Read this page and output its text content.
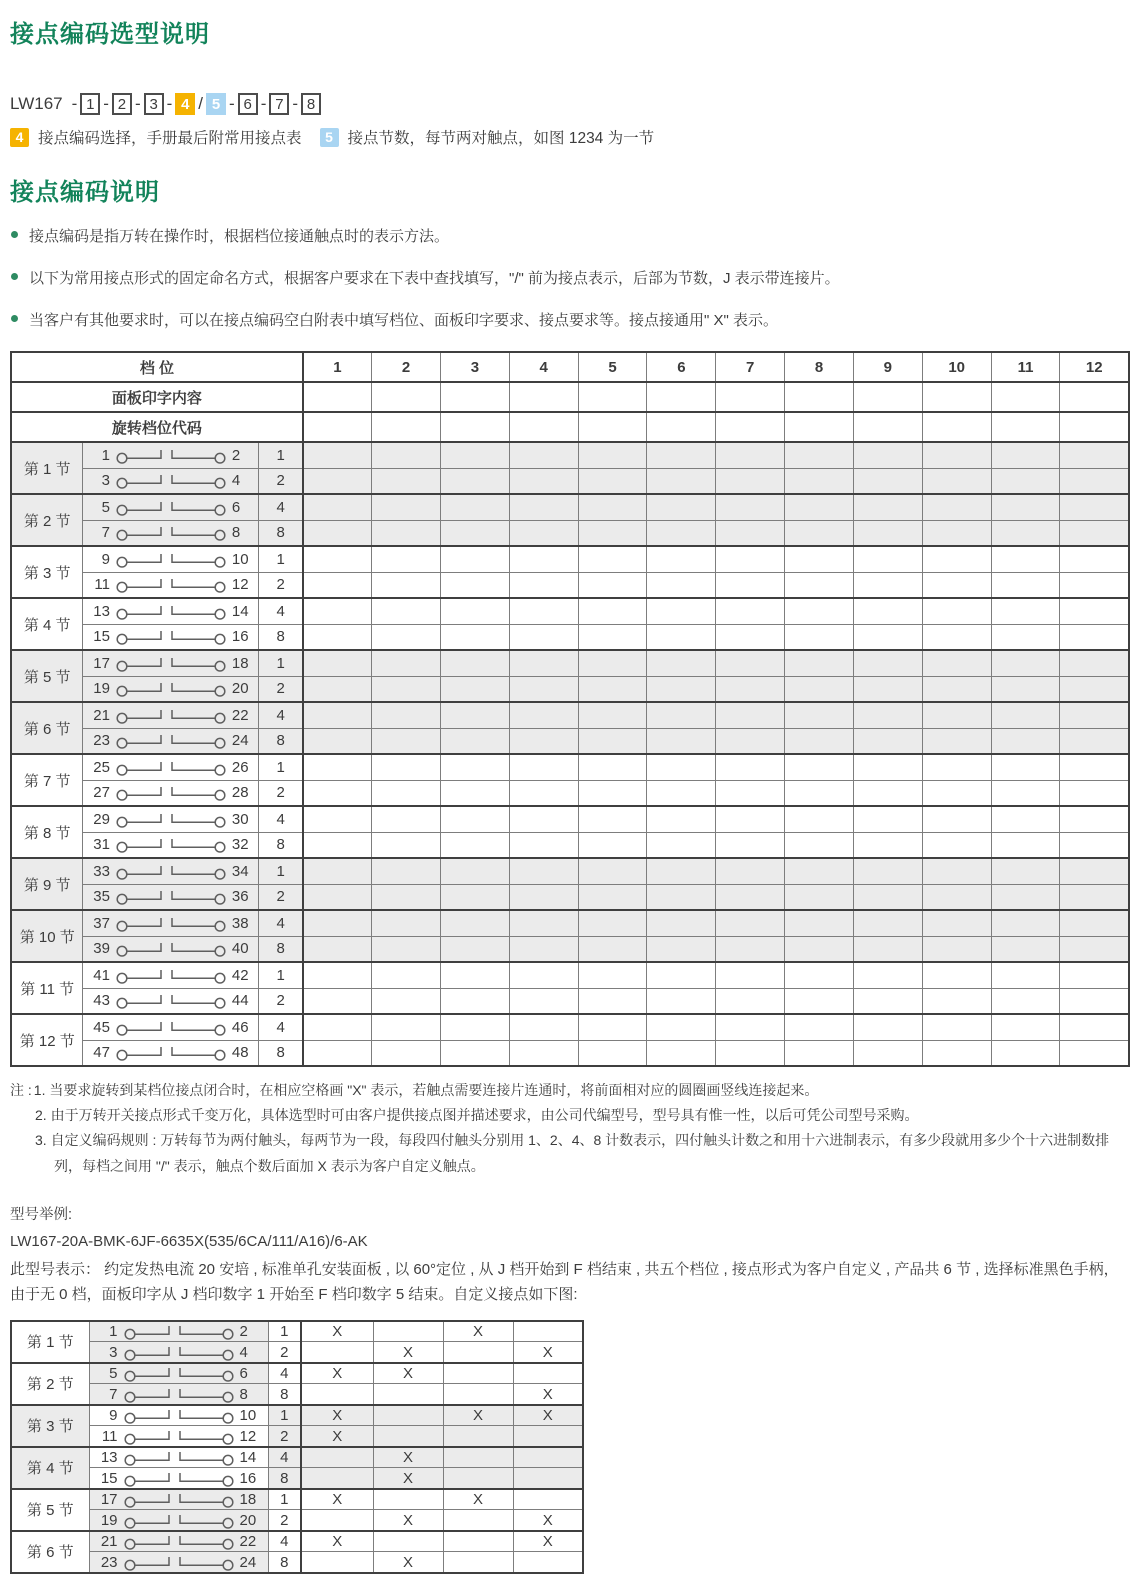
接点编码选型说明
LW167 - 1 - 2 - 3 - 4 / 5 - 6 - 7 - 8
4 接点编码选择，手册最后附常用接点表	5 接点节数，每节两对触点，如图 1234 为一节
接点编码说明
接点编码是指万转在操作时，根据档位接通触点时的表示方法。
以下为常用接点形式的固定命名方式，根据客户要求在下表中查找填写，"/" 前为接点表示，后部为节数，J 表示带连接片。
当客户有其他要求时，可以在接点编码空白附表中填写档位、面板印字要求、接点要求等。接点接通用" X" 表示。
档 位			1	2	3	4	5	6	7	8	9	10	11	12
面板印字内容														
旋转档位代码														
第 1 节	1 2	1												

	3 4	2												
第 2 节	5 6	4												

	7 8	8												
第 3 节	9 10	1												

	11 12	2												
第 4 节	13 14	4												

	15 16	8												
第 5 节	17 18	1												

	19 20	2												
第 6 节	21 22	4												

	23 24	8												
第 7 节	25 26	1												

	27 28	2												
第 8 节	29 30	4												

	31 32	8												
第 9 节	33 34	1												

	35 36	2												
第 10 节	37 38	4												

	39 40	8												
第 11 节	41 42	1												

	43 44	2												
第 12 节	45 46	4												

	47 48	8												
注 : 1. 当要求旋转到某档位接点闭合时，在相应空格画 "X" 表示，若触点需要连接片连通时，将前面相对应的圆圈画竖线连接起来。
2. 由于万转开关接点形式千变万化，具体选型时可由客户提供接点图并描述要求，由公司代编型号，型号具有惟一性，以后可凭公司型号采购。
3. 自定义编码规则 : 万转每节为两付触头，每两节为一段，每段四付触头分别用 1、2、4、8 计数表示，四付触头计数之和用十六进制表示，有多少段就用多少个十六进制数排列，每档之间用 "/" 表示，触点个数后面加 X 表示为客户自定义触点。
型号举例:
LW167-20A-BMK-6JF-6635X(535/6CA/111/A16)/6-AK
此型号表示： 约定发热电流 20 安培 , 标准单孔安装面板 , 以 60°定位 , 从 J 档开始到 F 档结束 , 共五个档位 , 接点形式为客户自定义 , 产品共 6 节 , 选择标准黑色手柄，由于无 0 档，面板印字从 J 档印数字 1 开始至 F 档印数字 5 结束。自定义接点如下图:
第 1 节	1 2	1	X		X	

	3 4	2		X		X
第 2 节	5 6	4	X	X		

	7 8	8				X
第 3 节	9 10	1	X		X	X

	11 12	2	X			
第 4 节	13 14	4		X		

	15 16	8		X		
第 5 节	17 18	1	X		X	

	19 20	2		X		X
第 6 节	21 22	4	X			X

	23 24	8		X		
